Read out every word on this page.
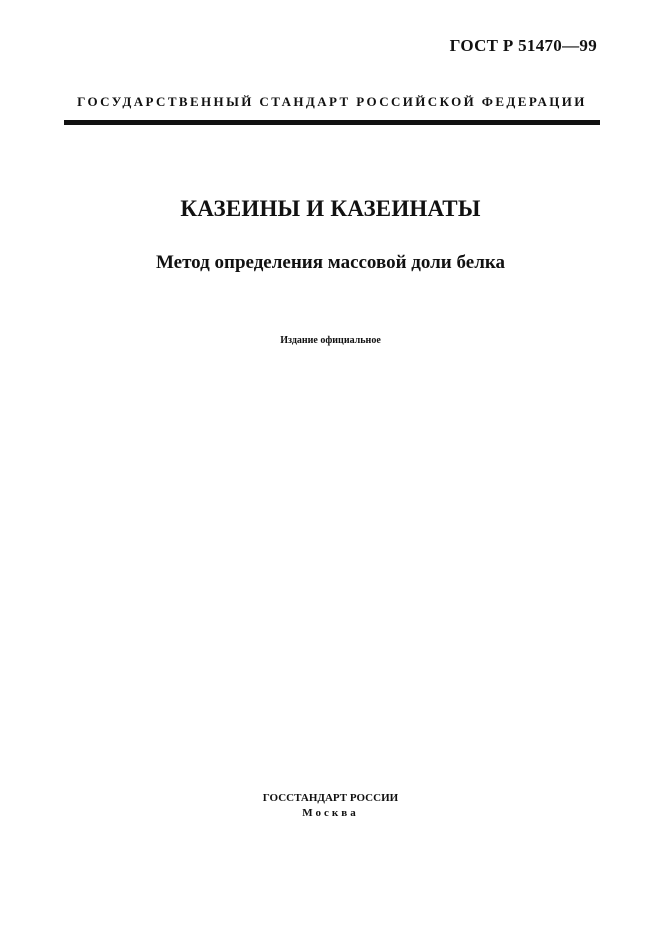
ГОСТ Р 51470—99
ГОСУДАРСТВЕННЫЙ СТАНДАРТ РОССИЙСКОЙ ФЕДЕРАЦИИ
КАЗЕИНЫ И КАЗЕИНАТЫ
Метод определения массовой доли белка
Издание официальное
ГОССТАНДАРТ РОССИИ
Москва
